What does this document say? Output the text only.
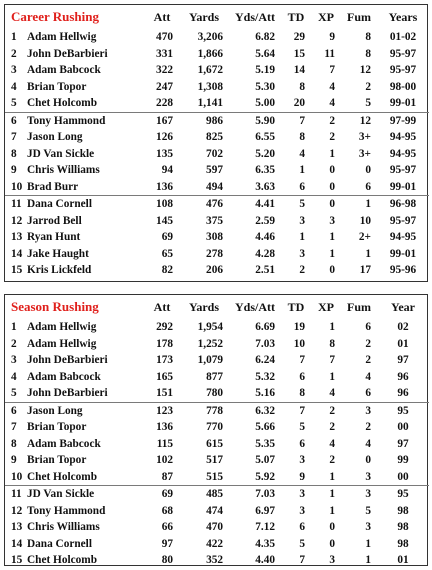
Career Rushing		Att	Yards	Yds/Att	TD	XP	Fum	Years
1	Adam Hellwig	470	3,206	6.82	29	9	8	01-02
2	John DeBarbieri	331	1,866	5.64	15	11	8	95-97
3	Adam Babcock	322	1,672	5.19	14	7	12	95-97
4	Brian Topor	247	1,308	5.30	8	4	2	98-00
5	Chet Holcomb	228	1,141	5.00	20	4	5	99-01
6	Tony Hammond	167	986	5.90	7	2	12	97-99
7	Jason Long	126	825	6.55	8	2	3+	94-95
8	JD Van Sickle	135	702	5.20	4	1	3+	94-95
9	Chris Williams	94	597	6.35	1	0	0	95-97
10	Brad Burr	136	494	3.63	6	0	6	99-01
11	Dana Cornell	108	476	4.41	5	0	1	96-98
12	Jarrod Bell	145	375	2.59	3	3	10	95-97
13	Ryan Hunt	69	308	4.46	1	1	2+	94-95
14	Jake Haught	65	278	4.28	3	1	1	99-01
15	Kris Lickfeld	82	206	2.51	2	0	17	95-96
Season Rushing		Att	Yards	Yds/Att	TD	XP	Fum	Year
1	Adam Hellwig	292	1,954	6.69	19	1	6	02
2	Adam Hellwig	178	1,252	7.03	10	8	2	01
3	John DeBarbieri	173	1,079	6.24	7	7	2	97
4	Adam Babcock	165	877	5.32	6	1	4	96
5	John DeBarbieri	151	780	5.16	8	4	6	96
6	Jason Long	123	778	6.32	7	2	3	95
7	Brian Topor	136	770	5.66	5	2	2	00
8	Adam Babcock	115	615	5.35	6	4	4	97
9	Brian Topor	102	517	5.07	3	2	0	99
10	Chet Holcomb	87	515	5.92	9	1	3	00
11	JD Van Sickle	69	485	7.03	3	1	3	95
12	Tony Hammond	68	474	6.97	3	1	5	98
13	Chris Williams	66	470	7.12	6	0	3	98
14	Dana Cornell	97	422	4.35	5	0	1	98
15	Chet Holcomb	80	352	4.40	7	3	1	01
